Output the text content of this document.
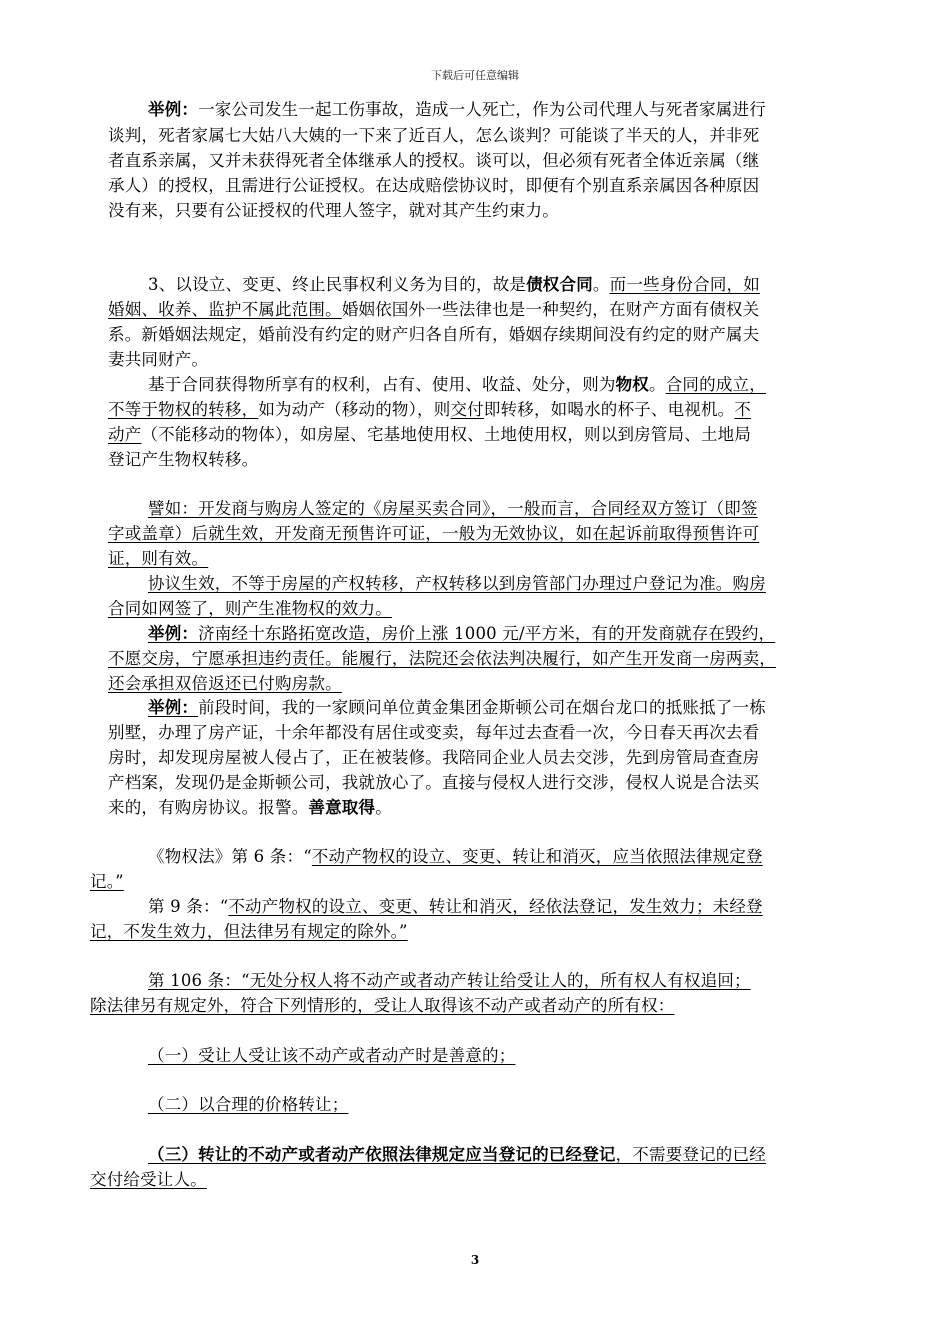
下载后可任意编辑
举例：一家公司发生一起工伤事故，造成一人死亡，作为公司代理人与死者家属进行
谈判，死者家属七大姑八大姨的一下来了近百人，怎么谈判？可能谈了半天的人，并非死
者直系亲属，又并未获得死者全体继承人的授权。谈可以，但必须有死者全体近亲属（继
承人）的授权，且需进行公证授权。在达成赔偿协议时，即便有个别直系亲属因各种原因
没有来，只要有公证授权的代理人签字，就对其产生约束力。
3、以设立、变更、终止民事权利义务为目的，故是债权合同。而一些身份合同，如
婚姻、收养、监护不属此范围。婚姻依国外一些法律也是一种契约，在财产方面有债权关
系。新婚姻法规定，婚前没有约定的财产归各自所有，婚姻存续期间没有约定的财产属夫
妻共同财产。
基于合同获得物所享有的权利，占有、使用、收益、处分，则为物权。合同的成立，
不等于物权的转移，如为动产（移动的物），则交付即转移，如喝水的杯子、电视机。不
动产（不能移动的物体），如房屋、宅基地使用权、土地使用权，则以到房管局、土地局
登记产生物权转移。
譬如：开发商与购房人签定的《房屋买卖合同》，一般而言，合同经双方签订（即签
字或盖章）后就生效，开发商无预售许可证，一般为无效协议，如在起诉前取得预售许可
证，则有效。
协议生效，不等于房屋的产权转移，产权转移以到房管部门办理过户登记为准。购房
合同如网签了，则产生准物权的效力。
举例：济南经十东路拓宽改造，房价上涨 1000 元/平方米，有的开发商就存在毁约，
不愿交房，宁愿承担违约责任。能履行，法院还会依法判决履行，如产生开发商一房两卖，
还会承担双倍返还已付购房款。
举例：前段时间，我的一家顾问单位黄金集团金斯顿公司在烟台龙口的抵账抵了一栋
别墅，办理了房产证，十余年都没有居住或变卖，每年过去查看一次，今日春天再次去看
房时，却发现房屋被人侵占了，正在被装修。我陪同企业人员去交涉，先到房管局查查房
产档案，发现仍是金斯顿公司，我就放心了。直接与侵权人进行交涉，侵权人说是合法买
来的，有购房协议。报警。善意取得。
《物权法》第 6 条：“不动产物权的设立、变更、转让和消灭，应当依照法律规定登
记。”
第 9 条：“不动产物权的设立、变更、转让和消灭，经依法登记，发生效力；未经登
记，不发生效力，但法律另有规定的除外。”
第 106 条：“无处分权人将不动产或者动产转让给受让人的，所有权人有权追回；
除法律另有规定外，符合下列情形的，受让人取得该不动产或者动产的所有权：
（一）受让人受让该不动产或者动产时是善意的；
（二）以合理的价格转让；
（三）转让的不动产或者动产依照法律规定应当登记的已经登记，不需要登记的已经
交付给受让人。
3
